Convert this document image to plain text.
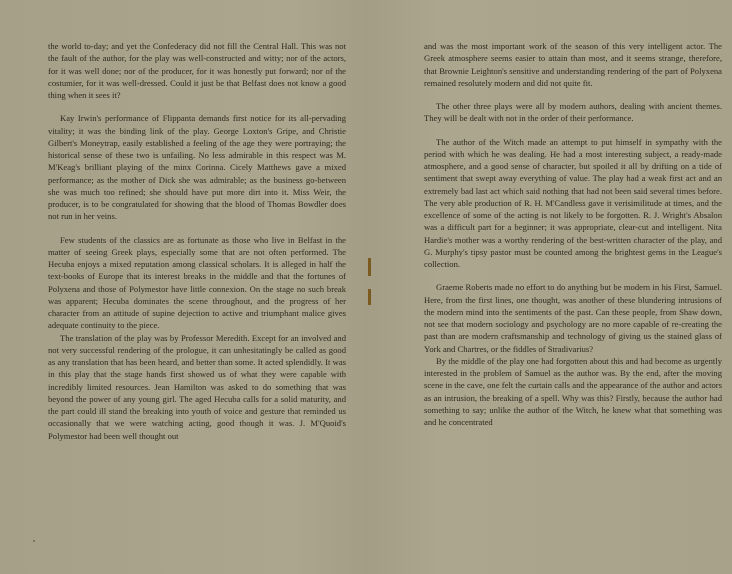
the world to-day; and yet the Confederacy did not fill the Central Hall. This was not the fault of the author, for the play was well-constructed and witty; nor of the actors, for it was well done; nor of the producer, for it was honestly put forward; nor of the costumier, for it was well-dressed. Could it just be that Belfast does not know a good thing when it sees it?

Kay Irwin's performance of Flippanta demands first notice for its all-pervading vitality; it was the binding link of the play. George Loxton's Gripe, and Christie Gilbert's Moneytrap, easily established a feeling of the age they were portraying; the historical sense of these two is unfailing. No less admirable in this respect was M. M'Keag's brilliant playing of the minx Corinna. Cicely Matthews gave a mixed performance; as the mother of Dick she was admirable; as the business go-between she was much too refined; she should have put more dirt into it. Miss Weir, the producer, is to be congratulated for showing that the blood of Thomas Bowdler does not run in her veins.

Few students of the classics are as fortunate as those who live in Belfast in the matter of seeing Greek plays, especially some that are not often performed. The Hecuba enjoys a mixed reputation among classical scholars. It is alleged in half the text-books of Europe that its interest breaks in the middle and that the fortunes of Polyxena and those of Polymestor have little connexion. On the stage no such break was apparent; Hecuba dominates the scene throughout, and the progress of her character from an attitude of supine dejection to active and triumphant malice gives adequate continuity to the piece.

The translation of the play was by Professor Meredith. Except for an involved and not very successful rendering of the prologue, it can unhesitatingly be called as good as any translation that has been heard, and better than some. It acted splendidly. It was in this play that the stage hands first showed us of what they were capable with incredibly limited resources. Jean Hamilton was asked to do something that was beyond the power of any young girl. The aged Hecuba calls for a solid maturity, and the part could ill stand the breaking into youth of voice and gesture that reminded us occasionally that we were watching acting, good though it was. J. M'Quoid's Polymestor had been well thought out

and was the most important work of the season of this very intelligent actor. The Greek atmosphere seems easier to attain than most, and it seems strange, therefore, that Brownie Leighton's sensitive and understanding rendering of the part of Polyxena remained resolutely modern and did not quite fit.

The other three plays were all by modern authors, dealing with ancient themes. They will be dealt with not in the order of their performance.

The author of the Witch made an attempt to put himself in sympathy with the period with which he was dealing. He had a most interesting subject, a ready-made atmosphere, and a good sense of character, but spoiled it all by drifting on a tide of sentiment that swept away everything of value. The play had a weak first act and an extremely bad last act which said nothing that had not been said several times before. The very able production of R. H. M'Candless gave it verisimilitude at times, and the excellence of some of the acting is not likely to be forgotten. R. J. Wright's Absalon was a difficult part for a beginner; it was appropriate, clear-cut and intelligent. Nita Hardie's mother was a worthy rendering of the best-written character of the play, and G. Murphy's tipsy pastor must be counted among the brightest gems in the League's collection.

Graeme Roberts made no effort to do anything but be modern in his First, Samuel. Here, from the first lines, one thought, was another of these blundering intrusions of the modern mind into the sentiments of the past. Can these people, from Shaw down, not see that modern sociology and psychology are no more capable of re-creating the past than are modern craftsmanship and technology of giving us the stained glass of York and Chartres, or the fiddles of Stradivarius?

By the middle of the play one had forgotten about this and had become as urgently interested in the problem of Samuel as the author was. By the end, after the moving scene in the cave, one felt the curtain calls and the appearance of the author and actors as an intrusion, the breaking of a spell. Why was this? Firstly, because the author had something to say; unlike the author of the Witch, he knew what that something was and he concentrated
